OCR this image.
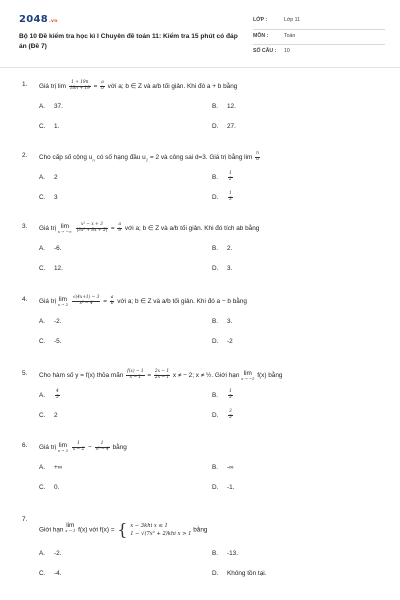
2048.vn
Bộ 10 Đề kiểm tra học kì I Chuyên đề toán 11: Kiểm tra 15 phút có đáp án (Đề 7)
LỚP :	Lớp 11
MÔN :	Toán
SỐ CÂU :	10
1. Giá trị $\lim \frac{1 + 19n}{18n + 19} = \frac{a}{b}$ với a; b ∈ Z và a/b tối giản. Khi đó a + b bằng
A. 37.	B. 12.
C. 1.	D. 27.
2. Cho cấp số cộng $u_n$ có số hạng đầu $u_1 = 2$ và công sai d=3. Giá trị bằng $\lim \frac{n}{u}$
A. 2	B. $\frac{1}{2}$
C. 3	D. $\frac{1}{3}$
3. Giá trị lim
x → −∞
$\frac{\text{x² − x + 3}}{\text{|3x² + 8x + 5|}} = \frac{a}{b}$ với a; b ∈ Z và a/b tối giản. Khi đó tích ab bằng
A. -6.	B. 2.
C. 12.	D. 3.
4. Giá trị lim
x → 2
$\frac{√(4x+1) - 3}{\text{x² − 4}} = \frac{a}{b}$ với a; b ∈ Z và a/b tối giản. Khi đó a − b bằng
A. -2.	B. 3.
C. -5.	D. -2
5. Cho hàm số y = f(x) thỏa mãn $\frac{f(x) - 1}{x - 1} = \frac{2x - 1}{2x - 1}$ x ≠ − 2; x ≠ ½. Giới hạn lim
x → −2 f(x) bằng
A. $\frac{4}{5}$	B. $\frac{1}{5}$
C. 2	D. $\frac{3}{5}$
6. Giá trị lim
x → 2
$\frac{1}{x - 2} - \frac{1}{\text{x² − 4}}$ bằng
A. +∞	B. -∞
C. 0.	D. -1.
7.
Giới hạn lim
x → 1 f(x) với f(x) = { x − 3khi x ≤ 1
1 − √(7x² + 2)khi x > 1
bằng
A. -2.	B. -13.
C. -4.	D. Không tồn tại.
